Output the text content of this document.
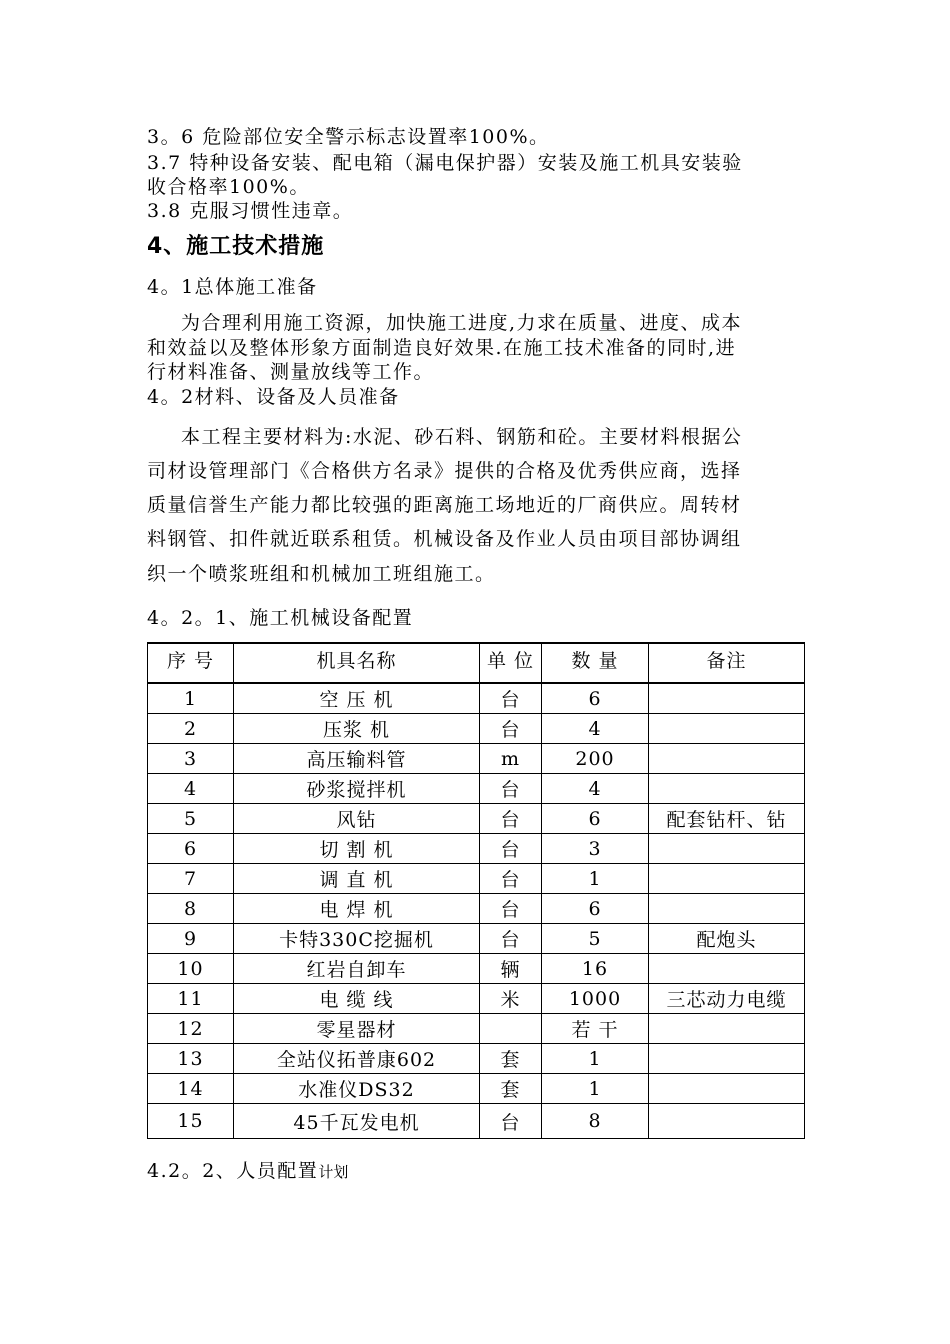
3。6 危险部位安全警示标志设置率100%。
3.7 特种设备安装、配电箱（漏电保护器）安装及施工机具安装验
收合格率100%。
3.8 克服习惯性违章。
4、施工技术措施
4。1总体施工准备
为合理利用施工资源，加快施工进度,力求在质量、进度、成本
和效益以及整体形象方面制造良好效果.在施工技术准备的同时,进
行材料准备、测量放线等工作。
4。2材料、设备及人员准备
本工程主要材料为:水泥、砂石料、钢筋和砼。主要材料根据公
司材设管理部门《合格供方名录》提供的合格及优秀供应商，选择
质量信誉生产能力都比较强的距离施工场地近的厂商供应。周转材
料钢管、扣件就近联系租赁。机械设备及作业人员由项目部协调组
织一个喷浆班组和机械加工班组施工。
4。2。1、施工机械设备配置
序 号	机具名称	单 位	数 量	备注
1	空 压 机	台	6	
2	压浆 机	台	4	
3	高压输料管	m	200	
4	砂浆搅拌机	台	4	
5	风钻	台	6	配套钻杆、钻
6	切 割 机	台	3	
7	调 直 机	台	1	
8	电 焊 机	台	6	
9	卡特330C挖掘机	台	5	配炮头
10	红岩自卸车	辆	16	
11	电 缆 线	米	1000	三芯动力电缆
12	零星器材		若 干	
13	全站仪拓普康602	套	1	
14	水准仪DS32	套	1	
15	45千瓦发电机	台	8	
4.2。2、人员配置计划
